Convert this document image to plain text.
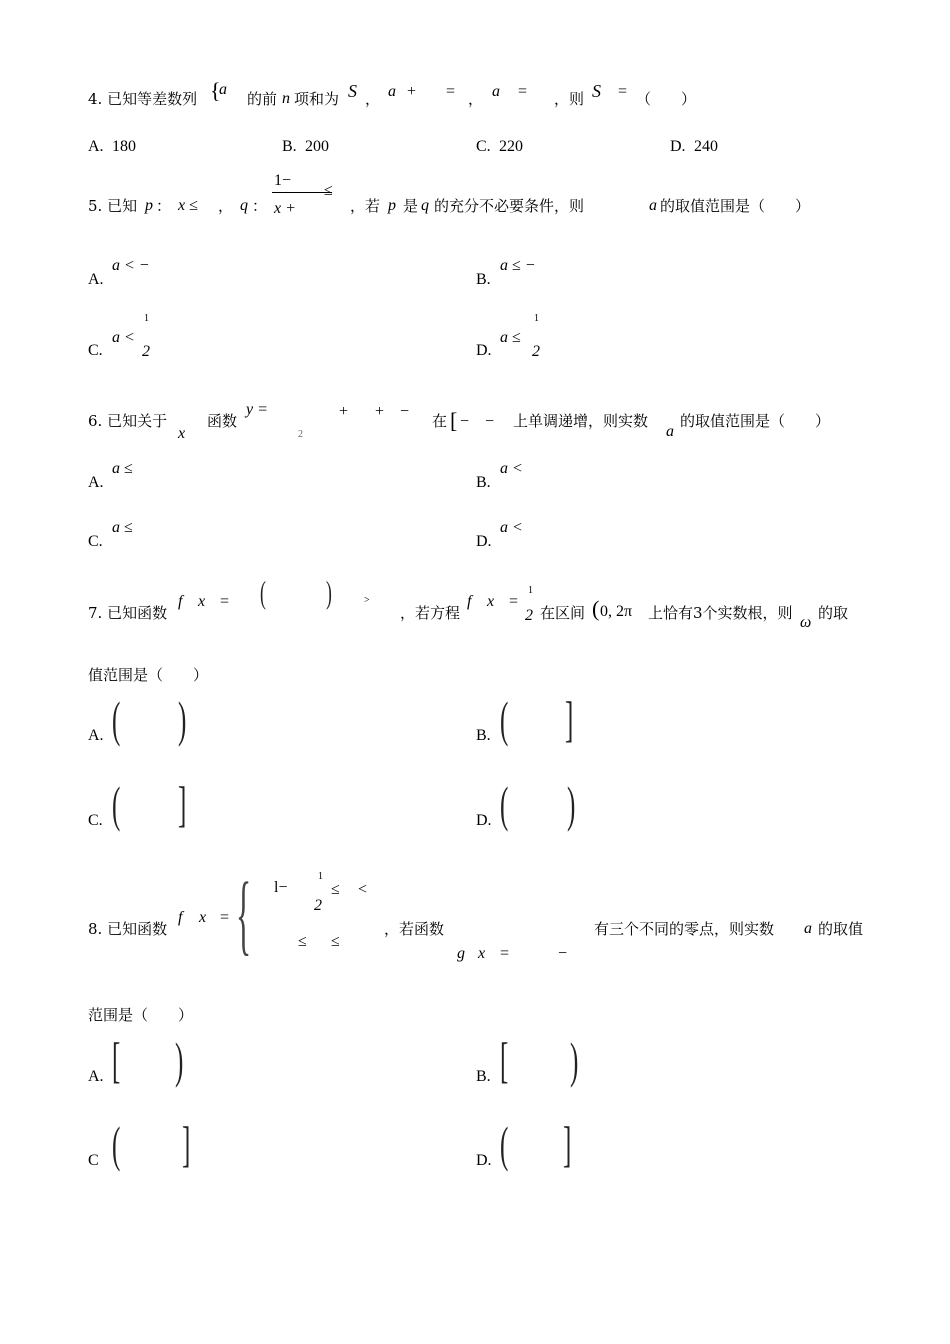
4. 已知等差数列 {
a
的前 n 项和为 S ， a + = ， a = ，则 S = （　　）
A. 180	B. 200	C. 220	D. 240
5. 已知 p ： x ≤ ， q ：
1−
x +
≤
，若 p 是 q 的充分不必要条件，则	a 的取值范围是（　　）
A.
a < −
B.
a ≤ −
C.
a <
1
2	D.
a ≤
1
2
6. 已知关于
x
函数
y =
2
+ + −
在 [ − − 上单调递增，则实数
a
的取值范围是（　　）
A.
a ≤
B.
a <
C.
a ≤
D.
a <
7. 已知函数
f x = ( )	>
，若方程
f x =
1
2 在区间 ( 0, 2π 上恰有3个实数根，则
ω
的取
值范围是（　　）
A. ( )	B. ( ]
C. ( ]	D. ( )
8. 已知函数
f x = { l−
1
2
≤ <
≤ ≤
，若函数
g x =	−
有三个不同的零点，则实数 a 的取值
范围是（　　）
A. [ )	B. [ )
C ( ]	D. ( ]
